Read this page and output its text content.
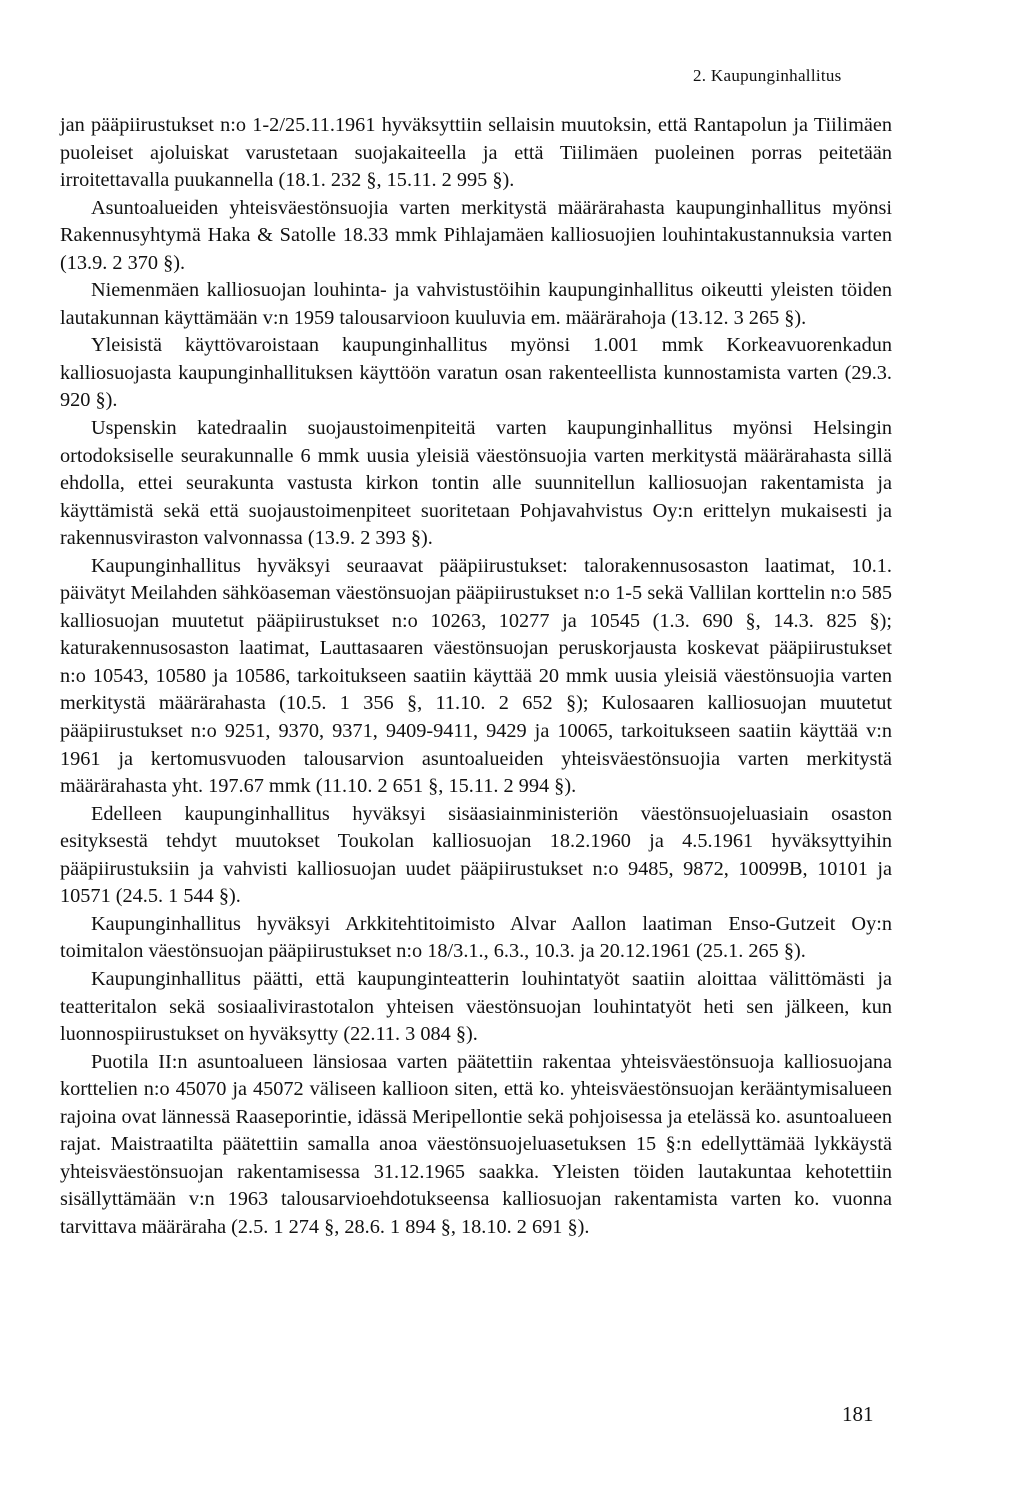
2. Kaupunginhallitus

jan pääpiirustukset n:o 1-2/25.11.1961 hyväksyttiin sellaisin muutoksin, että Rantapolun ja Tiilimäen puoleiset ajoluiskat varustetaan suojakaiteella ja että Tiilimäen puoleinen porras peitetään irroitettavalla puukannella (18.1. 232 §, 15.11. 2 995 §).

Asuntoalueiden yhteisväestönsuojia varten merkitystä määrärahasta kaupunginhallitus myönsi Rakennusyhtymä Haka & Satolle 18.33 mmk Pihlajamäen kalliosuojien louhintakustannuksia varten (13.9. 2 370 §).

Niemenmäen kalliosuojan louhinta- ja vahvistustöihin kaupunginhallitus oikeutti yleisten töiden lautakunnan käyttämään v:n 1959 talousarvioon kuuluvia em. määrärahoja (13.12. 3 265 §).

Yleisistä käyttövaroistaan kaupunginhallitus myönsi 1.001 mmk Korkeavuorenkadun kalliosuojasta kaupunginhallituksen käyttöön varatun osan rakenteellista kunnostamista varten (29.3. 920 §).

Uspenskin katedraalin suojaustoimenpiteitä varten kaupunginhallitus myönsi Helsingin ortodoksiselle seurakunnalle 6 mmk uusia yleisiä väestönsuojia varten merkitystä määrärahasta sillä ehdolla, ettei seurakunta vastusta kirkon tontin alle suunnitellun kalliosuojan rakentamista ja käyttämistä sekä että suojaustoimenpiteet suoritetaan Pohjavahvistus Oy:n erittelyn mukaisesti ja rakennusviraston valvonnassa (13.9. 2 393 §).

Kaupunginhallitus hyväksyi seuraavat pääpiirustukset: talorakennusosaston laatimat, 10.1. päivätyt Meilahden sähköaseman väestönsuojan pääpiirustukset n:o 1-5 sekä Vallilan korttelin n:o 585 kalliosuojan muutetut pääpiirustukset n:o 10263, 10277 ja 10545 (1.3. 690 §, 14.3. 825 §); katurakennusosaston laatimat, Lauttasaaren väestönsuojan peruskorjausta koskevat pääpiirustukset n:o 10543, 10580 ja 10586, tarkoitukseen saatiin käyttää 20 mmk uusia yleisiä väestönsuojia varten merkitystä määrärahasta (10.5. 1 356 §, 11.10. 2 652 §); Kulosaaren kalliosuojan muutetut pääpiirustukset n:o 9251, 9370, 9371, 9409-9411, 9429 ja 10065, tarkoitukseen saatiin käyttää v:n 1961 ja kertomusvuoden talousarvion asuntoalueiden yhteisväestönsuojia varten merkitystä määrärahasta yht. 197.67 mmk (11.10. 2 651 §, 15.11. 2 994 §).

Edelleen kaupunginhallitus hyväksyi sisäasiainministeriön väestönsuojeluasiain osaston esityksestä tehdyt muutokset Toukolan kalliosuojan 18.2.1960 ja 4.5.1961 hyväksyttyihin pääpiirustuksiin ja vahvisti kalliosuojan uudet pääpiirustukset n:o 9485, 9872, 10099B, 10101 ja 10571 (24.5. 1 544 §).

Kaupunginhallitus hyväksyi Arkkitehtitoimisto Alvar Aallon laatiman Enso-Gutzeit Oy:n toimitalon väestönsuojan pääpiirustukset n:o 18/3.1., 6.3., 10.3. ja 20.12.1961 (25.1. 265 §).

Kaupunginhallitus päätti, että kaupunginteatterin louhintatyöt saatiin aloittaa välittömästi ja teatteritalon sekä sosiaalivirastotalon yhteisen väestönsuojan louhintatyöt heti sen jälkeen, kun luonnospiirustukset on hyväksytty (22.11. 3 084 §).

Puotila II:n asuntoalueen länsiosaa varten päätettiin rakentaa yhteisväestönsuoja kalliosuojana korttelien n:o 45070 ja 45072 väliseen kallioon siten, että ko. yhteisväestönsuojan kerääntymisalueen rajoina ovat lännessä Raaseporintie, idässä Meripellontie sekä pohjoisessa ja etelässä ko. asuntoalueen rajat. Maistraatilta päätettiin samalla anoa väestönsuojeluasetuksen 15 §:n edellyttämää lykkäystä yhteisväestönsuojan rakentamisessa 31.12.1965 saakka. Yleisten töiden lautakuntaa kehotettiin sisällyttämään v:n 1963 talousarvioehdotukseensa kalliosuojan rakentamista varten ko. vuonna tarvittava määräraha (2.5. 1 274 §, 28.6. 1 894 §, 18.10. 2 691 §).

181
